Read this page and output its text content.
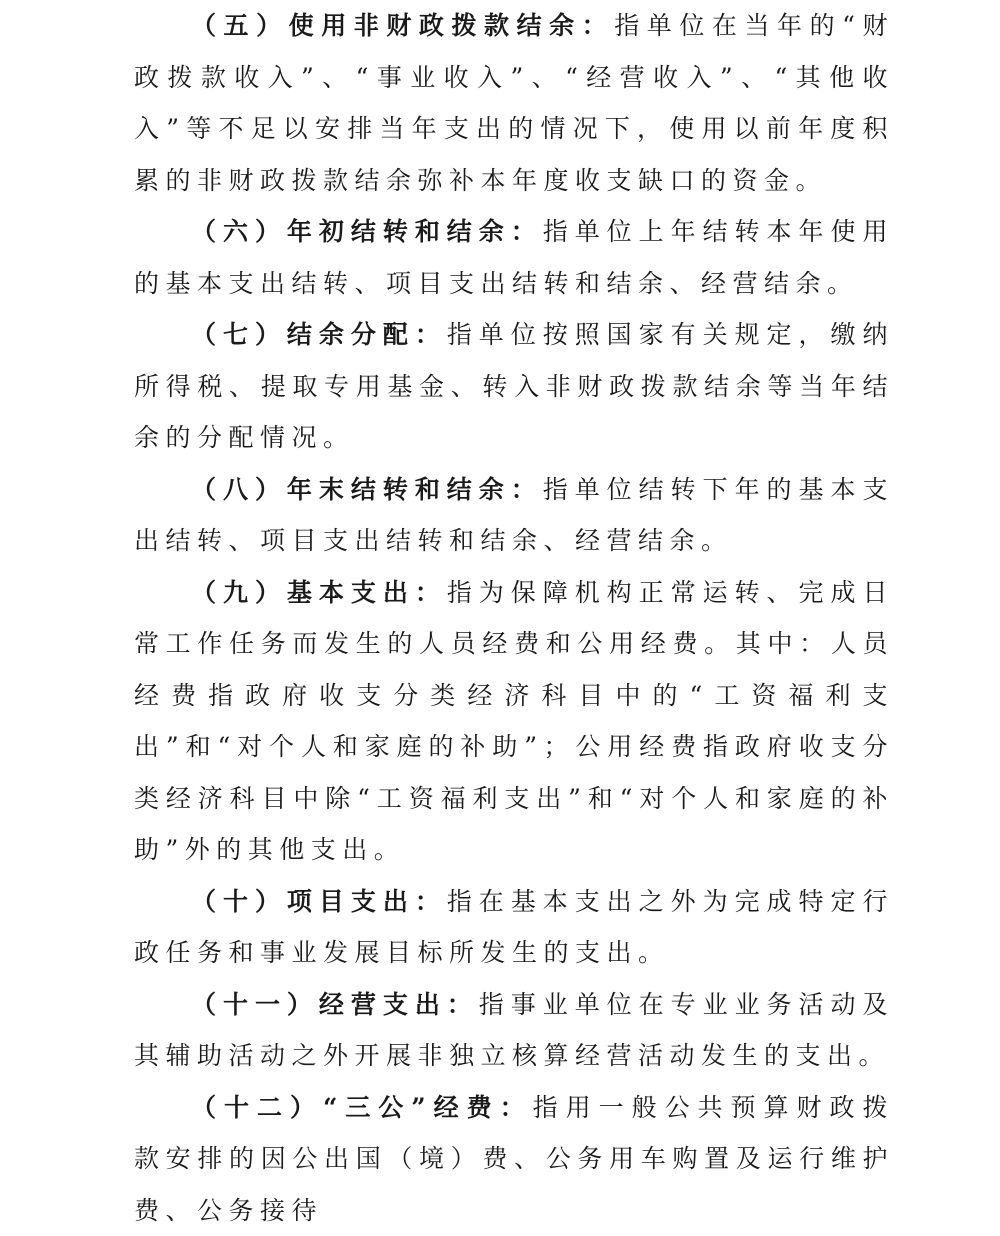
（五）使用非财政拨款结余：指单位在当年的“财政拨款收入”、“事业收入”、“经营收入”、“其他收入”等不足以安排当年支出的情况下，使用以前年度积累的非财政拨款结余弥补本年度收支缺口的资金。

（六）年初结转和结余：指单位上年结转本年使用的基本支出结转、项目支出结转和结余、经营结余。

（七）结余分配：指单位按照国家有关规定，缴纳所得税、提取专用基金、转入非财政拨款结余等当年结余的分配情况。

（八）年末结转和结余：指单位结转下年的基本支出结转、项目支出结转和结余、经营结余。

（九）基本支出：指为保障机构正常运转、完成日常工作任务而发生的人员经费和公用经费。其中：人员经费指政府收支分类经济科目中的“工资福利支出”和“对个人和家庭的补助”；公用经费指政府收支分类经济科目中除“工资福利支出”和“对个人和家庭的补助”外的其他支出。

（十）项目支出：指在基本支出之外为完成特定行政任务和事业发展目标所发生的支出。

（十一）经营支出：指事业单位在专业业务活动及其辅助活动之外开展非独立核算经营活动发生的支出。

（十二）“三公”经费：指用一般公共预算财政拨款安排的因公出国（境）费、公务用车购置及运行维护费、公务接待
